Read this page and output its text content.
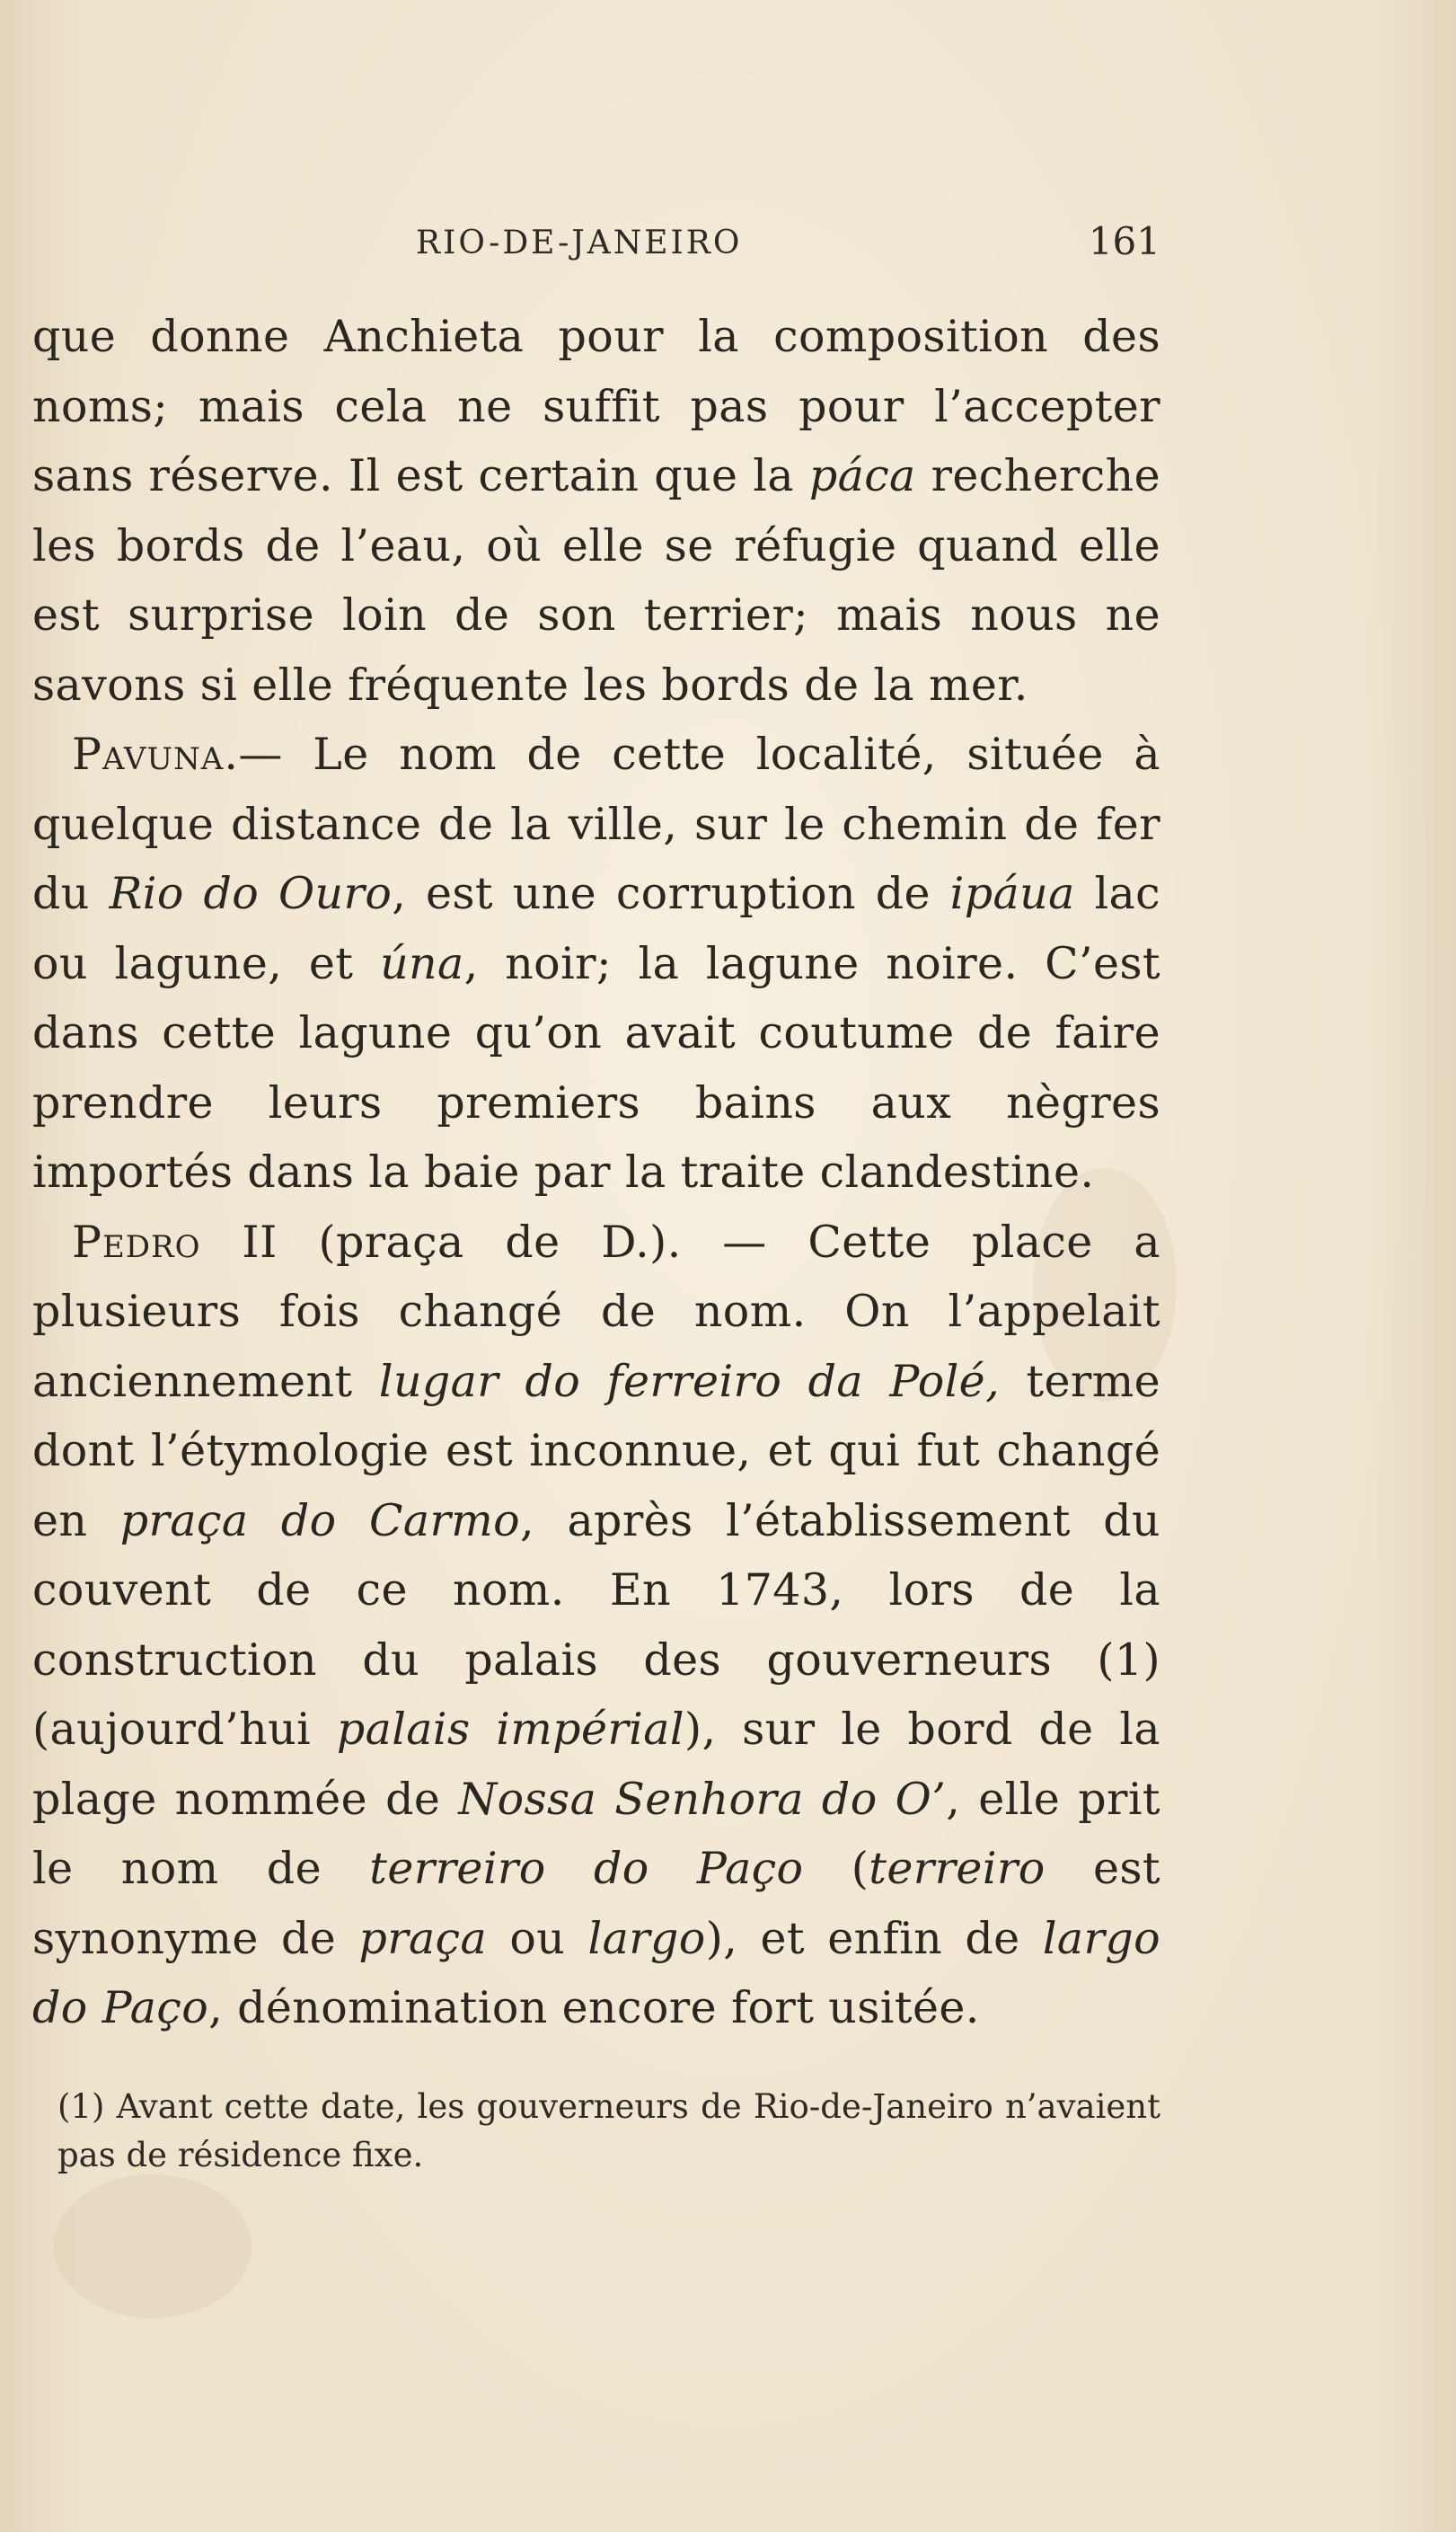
RIO-DE-JANEIRO	161

que donne Anchieta pour la composition des noms; mais cela ne suffit pas pour l’accepter sans réserve. Il est certain que la páca recherche les bords de l’eau, où elle se réfugie quand elle est surprise loin de son terrier; mais nous ne savons si elle fréquente les bords de la mer.

Pavuna.— Le nom de cette localité, située à quelque distance de la ville, sur le chemin de fer du Rio do Ouro, est une corruption de ipáua lac ou lagune, et úna, noir; la lagune noire. C’est dans cette lagune qu’on avait coutume de faire prendre leurs premiers bains aux nègres importés dans la baie par la traite clandestine.

Pedro II (praça de D.). — Cette place a plusieurs fois changé de nom. On l’appelait anciennement lugar do ferreiro da Polé, terme dont l’étymologie est inconnue, et qui fut changé en praça do Carmo, après l’établissement du couvent de ce nom. En 1743, lors de la construction du palais des gouverneurs (1) (aujourd’hui palais impérial), sur le bord de la plage nommée de Nossa Senhora do O’, elle prit le nom de terreiro do Paço (terreiro est synonyme de praça ou largo), et enfin de largo do Paço, dénomination encore fort usitée.

(1) Avant cette date, les gouverneurs de Rio-de-Janeiro n’avaient pas de résidence fixe.
